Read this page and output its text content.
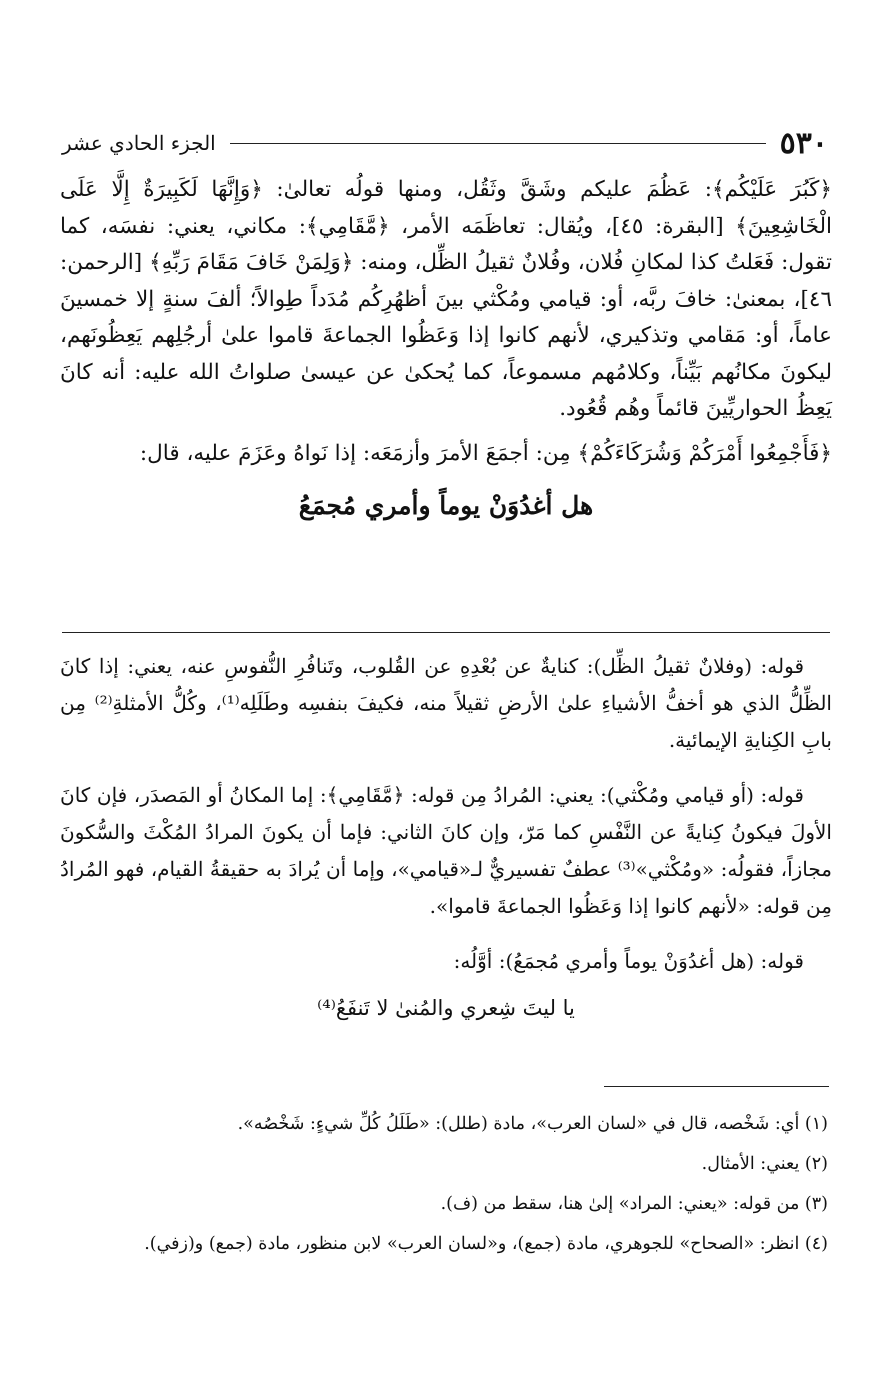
٥٣٠
الجزء الحادي عشر

﴿كَبُرَ عَلَيْكُم﴾: عَظُمَ عليكم وشَقَّ وثَقُل، ومنها قولُه تعالىٰ: ﴿وَإِنَّهَا لَكَبِيرَةٌ إِلَّا عَلَى الْخَاشِعِينَ﴾ [البقرة: ٤٥]، ويُقال: تعاظَمَه الأمر، ﴿مَّقَامِي﴾: مكاني، يعني: نفسَه، كما تقول: فَعَلتُ كذا لمكانِ فُلان، وفُلانٌ ثقيلُ الظِّل، ومنه: ﴿وَلِمَنْ خَافَ مَقَامَ رَبِّهِ﴾ [الرحمن: ٤٦]، بمعنىٰ: خافَ ربَّه، أو: قيامي ومُكْثي بينَ أظهُرِكُم مُدَداً طِوالاً؛ ألفَ سنةٍ إلا خمسينَ عاماً، أو: مَقامي وتذكيري، لأنهم كانوا إذا وَعَظُوا الجماعةَ قاموا علىٰ أرجُلِهم يَعِظُونَهم، ليكونَ مكانُهم بَيِّناً، وكلامُهم مسموعاً، كما يُحكىٰ عن عيسىٰ صلواتُ الله عليه: أنه كانَ يَعِظُ الحواريِّينَ قائماً وهُم قُعُود.

﴿فَأَجْمِعُوا أَمْرَكُمْ وَشُرَكَاءَكُمْ﴾ مِن: أجمَعَ الأمرَ وأزمَعَه: إذا نَواهُ وعَزَمَ عليه، قال:

هل أغدُوَنْ يوماً وأمري مُجمَعُ

قوله: (وفلانٌ ثقيلُ الظِّل): كنايةٌ عن بُعْدِهِ عن القُلوب، وتَنافُرِ النُّفوسِ عنه، يعني: إذا كانَ الظِّلُّ الذي هو أخفُّ الأشياءِ علىٰ الأرضِ ثقيلاً منه، فكيفَ بنفسِه وطَلَلِه⁽¹⁾، وكُلُّ الأمثلةِ⁽²⁾ مِن بابِ الكِنايةِ الإيمائية.

قوله: (أو قيامي ومُكْثي): يعني: المُرادُ مِن قوله: ﴿مَّقَامِي﴾: إما المكانُ أو المَصدَر، فإن كانَ الأولَ فيكونُ كِنايةً عن النَّفْسِ كما مَرّ، وإن كانَ الثاني: فإما أن يكونَ المرادُ المُكْثَ والسُّكونَ مجازاً، فقولُه: «ومُكْثي»⁽³⁾ عطفٌ تفسيريٌّ لـ«قيامي»، وإما أن يُرادَ به حقيقةُ القيام، فهو المُرادُ مِن قوله: «لأنهم كانوا إذا وَعَظُوا الجماعةَ قاموا».

قوله: (هل أغدُوَنْ يوماً وأمري مُجمَعُ): أوَّلُه:

يا ليتَ شِعري والمُنىٰ لا تَنفَعُ⁽⁴⁾

(١) أي: شَخْصه، قال في «لسان العرب»، مادة (طلل): «طَلَلُ كُلِّ شيءٍ: شَخْصُه».

(٢) يعني: الأمثال.

(٣) من قوله: «يعني: المراد» إلىٰ هنا، سقط من (ف).

(٤) انظر: «الصحاح» للجوهري، مادة (جمع)، و«لسان العرب» لابن منظور، مادة (جمع) و(زفي).
